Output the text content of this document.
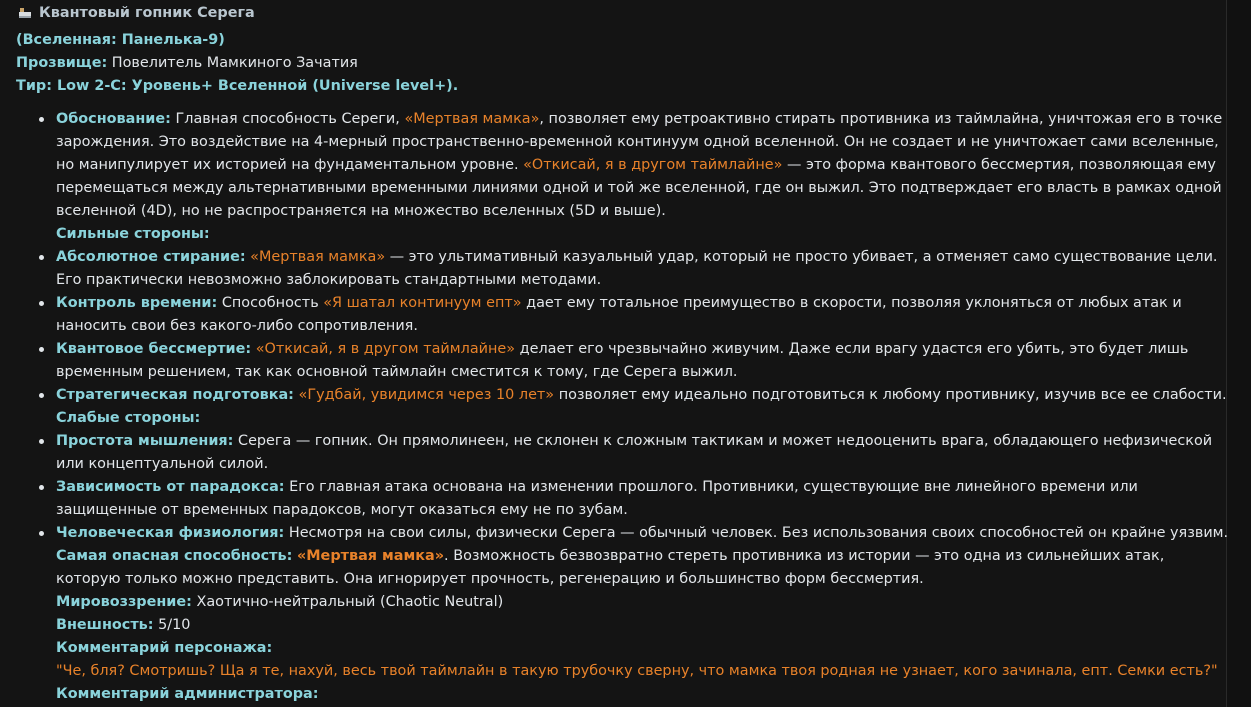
Квантовый гопник Серега
(Вселенная: Панелька-9)
Прозвище: Повелитель Мамкиного Зачатия
Тир: Low 2-C: Уровень+ Вселенной (Universe level+).
Обоснование: Главная способность Сереги, «Мертвая мамка», позволяет ему ретроактивно стирать противника из таймлайна, уничтожая его в точке зарождения. Это воздействие на 4-мерный пространственно-временной континуум одной вселенной. Он не создает и не уничтожает сами вселенные, но манипулирует их историей на фундаментальном уровне. «Откисай, я в другом таймлайне» — это форма квантового бессмертия, позволяющая ему перемещаться между альтернативными временными линиями одной и той же вселенной, где он выжил. Это подтверждает его власть в рамках одной вселенной (4D), но не распространяется на множество вселенных (5D и выше).
Сильные стороны:
Абсолютное стирание: «Мертвая мамка» — это ультимативный казуальный удар, который не просто убивает, а отменяет само существование цели. Его практически невозможно заблокировать стандартными методами.
Контроль времени: Способность «Я шатал континуум епт» дает ему тотальное преимущество в скорости, позволяя уклоняться от любых атак и наносить свои без какого-либо сопротивления.
Квантовое бессмертие: «Откисай, я в другом таймлайне» делает его чрезвычайно живучим. Даже если врагу удастся его убить, это будет лишь временным решением, так как основной таймлайн сместится к тому, где Серега выжил.
Стратегическая подготовка: «Гудбай, увидимся через 10 лет» позволяет ему идеально подготовиться к любому противнику, изучив все ее слабости.
Слабые стороны:
Простота мышления: Серега — гопник. Он прямолинеен, не склонен к сложным тактикам и может недооценить врага, обладающего нефизической или концептуальной силой.
Зависимость от парадокса: Его главная атака основана на изменении прошлого. Противники, существующие вне линейного времени или защищенные от временных парадоксов, могут оказаться ему не по зубам.
Человеческая физиология: Несмотря на свои силы, физически Серега — обычный человек. Без использования своих способностей он крайне уязвим.
Самая опасная способность: «Мертвая мамка». Возможность безвозвратно стереть противника из истории — это одна из сильнейших атак, которую только можно представить. Она игнорирует прочность, регенерацию и большинство форм бессмертия.
Мировоззрение: Хаотично-нейтральный (Chaotic Neutral)
Внешность: 5/10
Комментарий персонажа:
"Че, бля? Смотришь? Ща я те, нахуй, весь твой таймлайн в такую трубочку сверну, что мамка твоя родная не узнает, кого зачинала, епт. Семки есть?"
Комментарий администратора:
